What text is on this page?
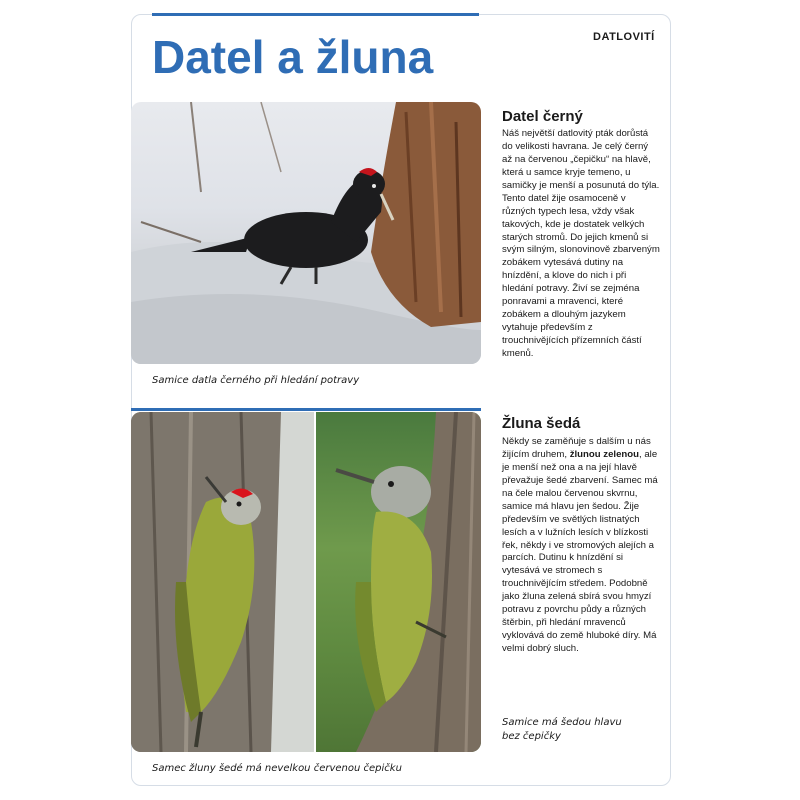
DATLOVITÍ
Datel a žluna
Samice datla černého při hledání potravy
Datel černý
Náš největší datlovitý pták dorůstá do velikosti havrana. Je celý černý až na červenou „čepičku“ na hlavě, která u samce kryje temeno, u samičky je menší a posunutá do týla. Tento datel žije osamoceně v různých typech lesa, vždy však takových, kde je dostatek velkých starých stromů. Do jejich kmenů si svým silným, slonovinově zbarveným zobákem vytesává dutiny na hnízdění, a klove do nich i při hledání potravy. Živí se zejména ponravami a mravenci, které zobákem a dlouhým jazykem vytahuje především z trouchnivějících přízemních částí kmenů.
Samec žluny šedé má nevelkou červenou čepičku
Samice má šedou hlavu bez čepičky
Žluna šedá
Někdy se zaměňuje s dalším u nás žijícím druhem, žlunou zelenou, ale je menší než ona a na její hlavě převažuje šedé zbarvení. Samec má na čele malou červenou skvrnu, samice má hlavu jen šedou. Žije především ve světlých listnatých lesích a v lužních lesích v blízkosti řek, někdy i ve stromových alejích a parcích. Dutinu k hnízdění si vytesává ve stromech s trouchnivějícím středem. Podobně jako žluna zelená sbírá svou hmyzí potravu z povrchu půdy a různých štěrbin, při hledání mravenců vyklovává do země hluboké díry. Má velmi dobrý sluch.
